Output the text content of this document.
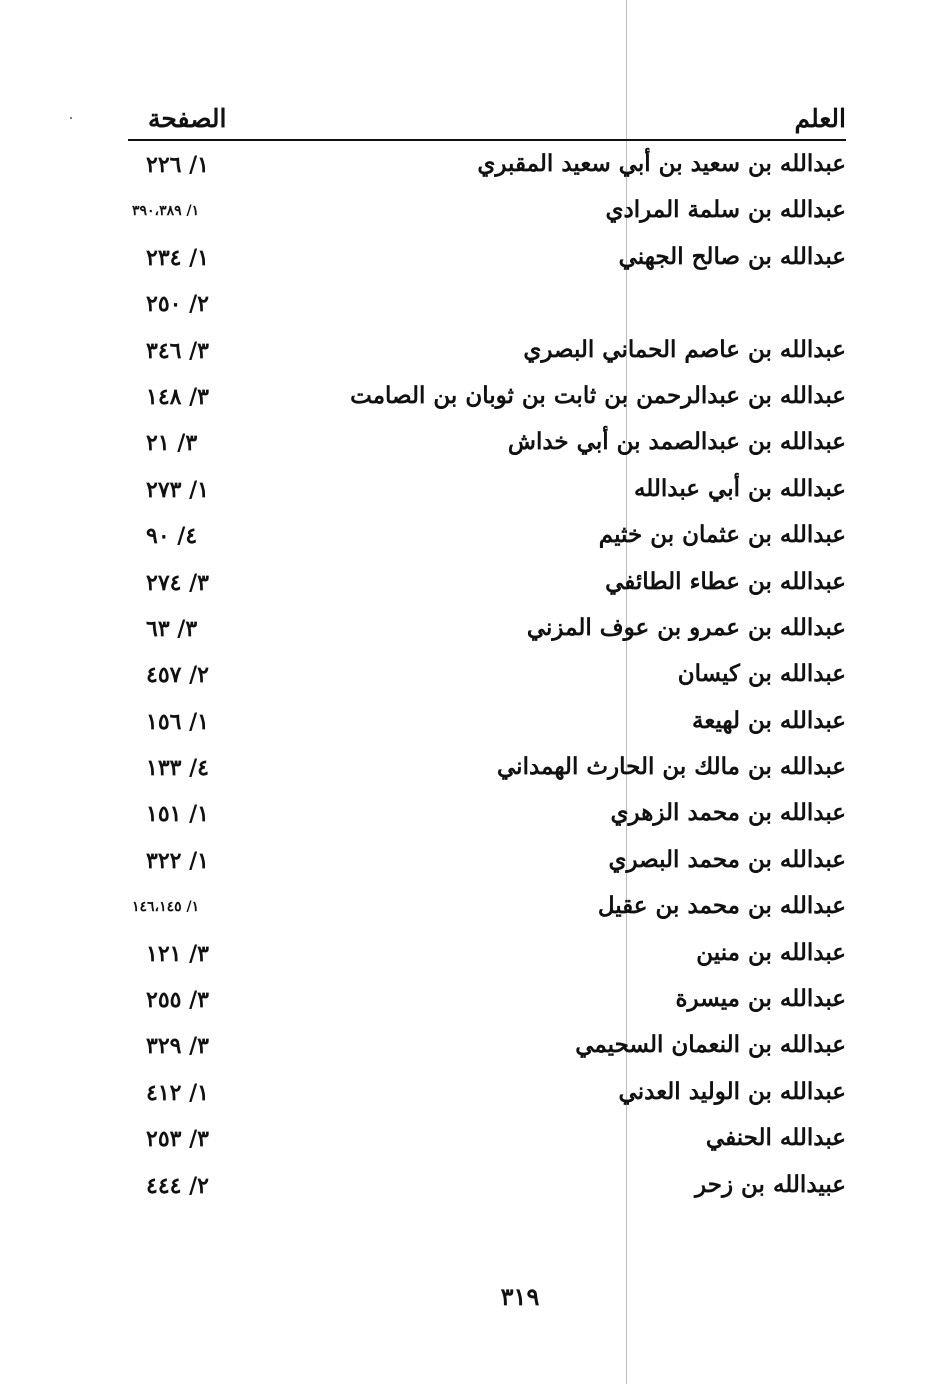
العلم
الصفحة
عبدالله بن سعيد بن أبي سعيد المقبري
١/ ٢٢٦
عبدالله بن سلمة المرادي
١/ ٣٩٠،٣٨٩
عبدالله بن صالح الجهني
١/ ٢٣٤
٢/ ٢٥٠
عبدالله بن عاصم الحماني البصري
٣/ ٣٤٦
عبدالله بن عبدالرحمن بن ثابت بن ثوبان بن الصامت
٣/ ١٤٨
عبدالله بن عبدالصمد بن أبي خداش
٣/ ٢١
عبدالله بن أبي عبدالله
١/ ٢٧٣
عبدالله بن عثمان بن خثيم
٤/ ٩٠
عبدالله بن عطاء الطائفي
٣/ ٢٧٤
عبدالله بن عمرو بن عوف المزني
٣/ ٦٣
عبدالله بن كيسان
٢/ ٤٥٧
عبدالله بن لهيعة
١/ ١٥٦
عبدالله بن مالك بن الحارث الهمداني
٤/ ١٣٣
عبدالله بن محمد الزهري
١/ ١٥١
عبدالله بن محمد البصري
١/ ٣٢٢
عبدالله بن محمد بن عقيل
١/ ١٤٦،١٤٥
عبدالله بن منين
٣/ ١٢١
عبدالله بن ميسرة
٣/ ٢٥٥
عبدالله بن النعمان السحيمي
٣/ ٣٢٩
عبدالله بن الوليد العدني
١/ ٤١٢
عبدالله الحنفي
٣/ ٢٥٣
عبيدالله بن زحر
٢/ ٤٤٤
٣١٩
